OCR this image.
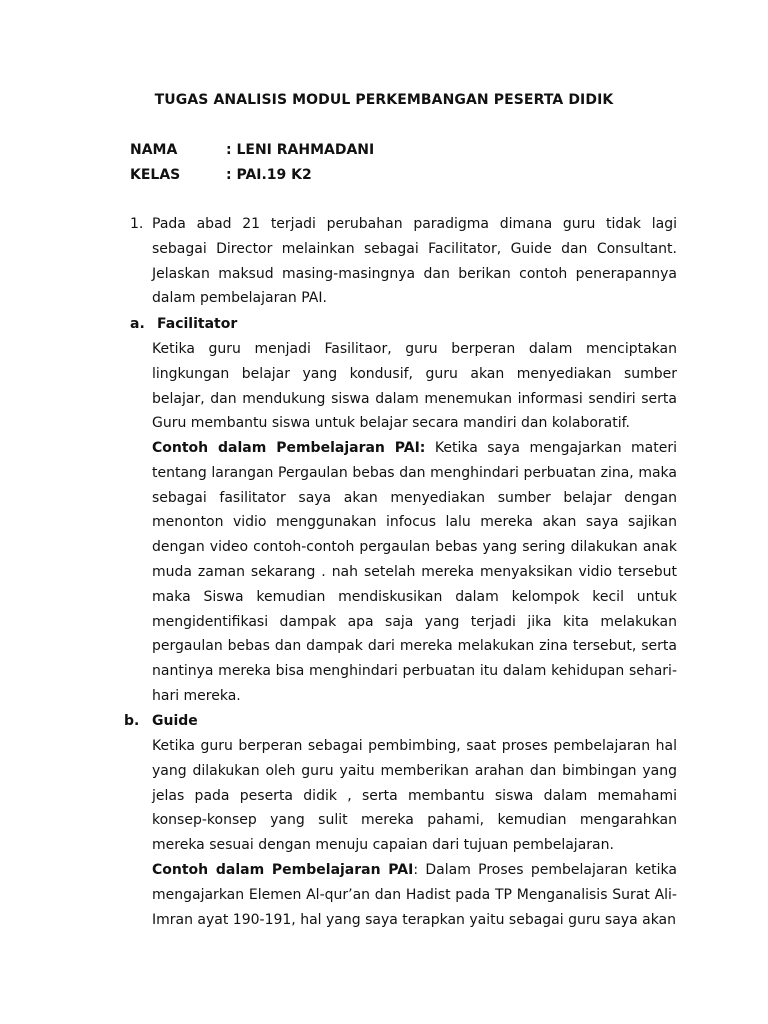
TUGAS ANALISIS MODUL PERKEMBANGAN PESERTA DIDIK
NAMA	: LENI RAHMADANI
KELAS	: PAI.19 K2
1. Pada abad 21 terjadi perubahan paradigma dimana guru tidak lagi sebagai Director melainkan sebagai Facilitator, Guide dan Consultant. Jelaskan maksud masing-masingnya dan berikan contoh penerapannya dalam pembelajaran PAI.
a. Facilitator
Ketika guru menjadi Fasilitaor, guru berperan dalam menciptakan lingkungan belajar yang kondusif, guru akan menyediakan sumber belajar, dan mendukung siswa dalam menemukan informasi sendiri serta Guru membantu siswa untuk belajar secara mandiri dan kolaboratif.
Contoh dalam Pembelajaran PAI: Ketika saya mengajarkan materi tentang larangan Pergaulan bebas dan menghindari perbuatan zina, maka sebagai fasilitator saya akan menyediakan sumber belajar dengan menonton vidio menggunakan infocus lalu mereka akan saya sajikan dengan video contoh-contoh pergaulan bebas yang sering dilakukan anak muda zaman sekarang . nah setelah mereka menyaksikan vidio tersebut maka Siswa kemudian mendiskusikan dalam kelompok kecil untuk mengidentifikasi dampak apa saja yang terjadi jika kita melakukan pergaulan bebas dan dampak dari mereka melakukan zina tersebut, serta nantinya mereka bisa menghindari perbuatan itu dalam kehidupan sehari-hari mereka.
b. Guide
Ketika guru berperan sebagai pembimbing, saat proses pembelajaran hal yang dilakukan oleh guru yaitu memberikan arahan dan bimbingan yang jelas pada peserta didik , serta membantu siswa dalam memahami konsep-konsep yang sulit mereka pahami, kemudian mengarahkan mereka sesuai dengan menuju capaian dari tujuan pembelajaran.
Contoh dalam Pembelajaran PAI: Dalam Proses pembelajaran ketika mengajarkan Elemen Al-qur’an dan Hadist pada TP Menganalisis Surat Ali-Imran ayat 190-191, hal yang saya terapkan yaitu sebagai guru saya akan
